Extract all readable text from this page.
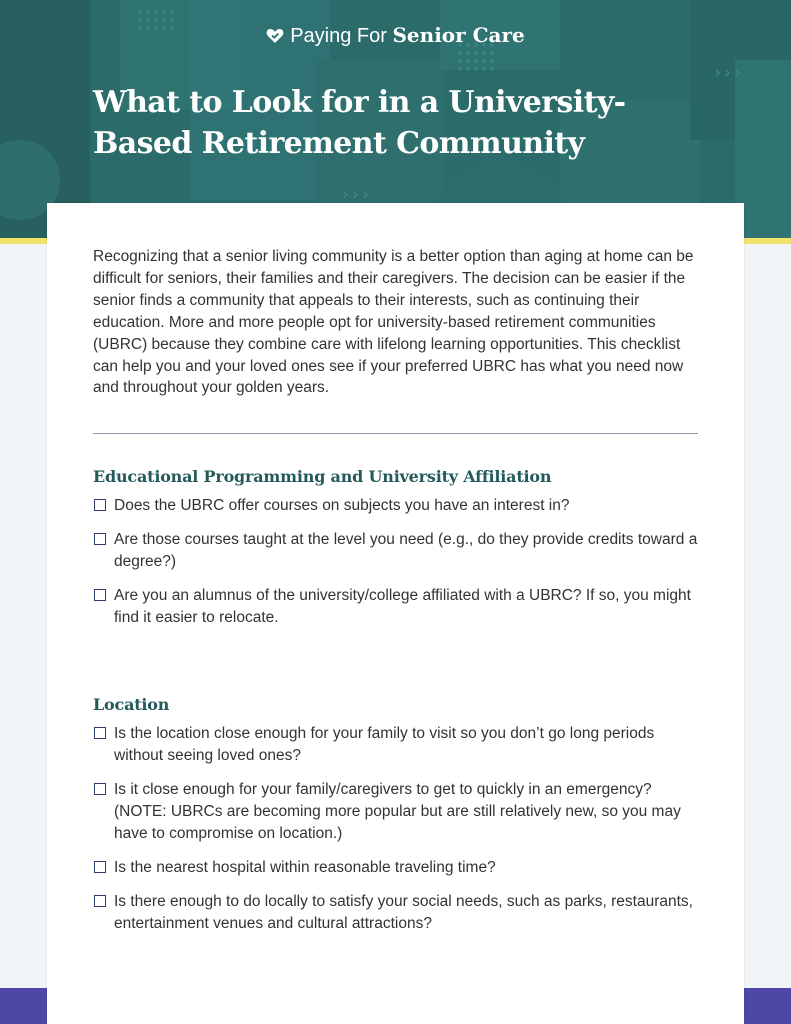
Paying For Senior Care
What to Look for in a University-Based Retirement Community

Recognizing that a senior living community is a better option than aging at home can be difficult for seniors, their families and their caregivers. The decision can be easier if the senior finds a community that appeals to their interests, such as continuing their education. More and more people opt for university-based retirement communities (UBRC) because they combine care with lifelong learning opportunities. This checklist can help you and your loved ones see if your preferred UBRC has what you need now and throughout your golden years.

Educational Programming and University Affiliation
Does the UBRC offer courses on subjects you have an interest in?
Are those courses taught at the level you need (e.g., do they provide credits toward a degree?)
Are you an alumnus of the university/college affiliated with a UBRC? If so, you might find it easier to relocate.
Location
Is the location close enough for your family to visit so you don’t go long periods without seeing loved ones?
Is it close enough for your family/caregivers to get to quickly in an emergency? (NOTE: UBRCs are becoming more popular but are still relatively new, so you may have to compromise on location.)
Is the nearest hospital within reasonable traveling time?
Is there enough to do locally to satisfy your social needs, such as parks, restaurants, entertainment venues and cultural attractions?
